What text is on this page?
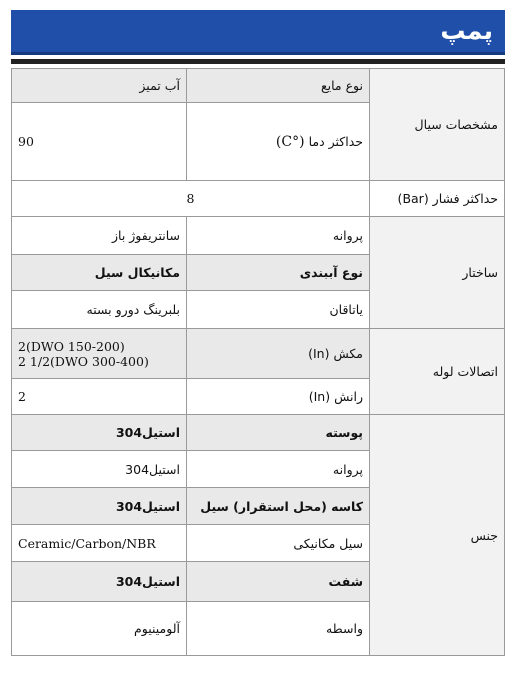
پمپ
مشخصات سیال	نوع مایع	آب تمیز
	حداکثر دما (°C)	90
حداکثر فشار (Bar)	8	
ساختار	پروانه	سانتریفوژ باز
	نوع آببندی	مکانیکال سیل
	یاتاقان	بلبرینگ دورو بسته
اتصالات لوله	مکش (In)	2(DWO 150-200)
2 1/2(DWO 300-400)
	رانش (In)	2
جنس	پوسته	استیل304
	پروانه	استیل304
	کاسه (محل استقرار) سیل	استیل304
	سیل مکانیکی	Ceramic/Carbon/NBR
	شفت	استیل304
	واسطه	آلومینیوم
